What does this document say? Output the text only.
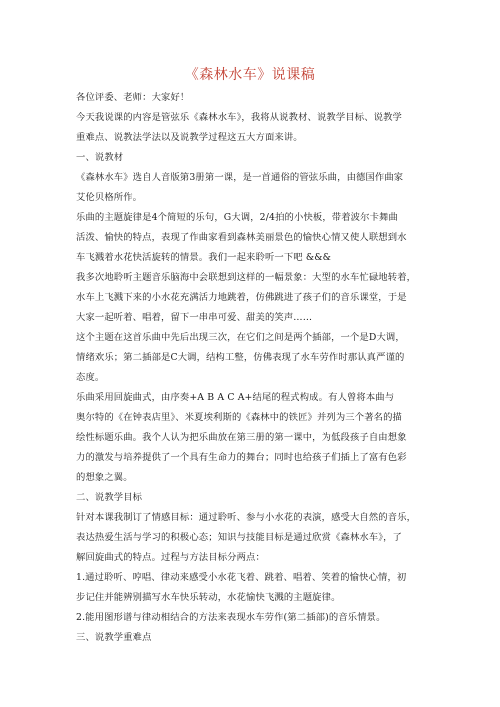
《森林水车》说课稿
各位评委、老师：大家好！
今天我说课的内容是管弦乐《森林水车》，我将从说教材、说教学目标、说教学
重难点、说教法学法以及说教学过程这五大方面来讲。
一、说教材
《森林水车》选自人音版第3册第一课，是一首通俗的管弦乐曲，由德国作曲家
艾伦贝格所作。
乐曲的主题旋律是4个简短的乐句，G大调，2/4拍的小快板，带着波尔卡舞曲
活泼、愉快的特点，表现了作曲家看到森林美丽景色的愉快心情又使人联想到水
车飞溅着水花快活旋转的情景。我们一起来聆听一下吧 &&&
我多次地聆听主题音乐脑海中会联想到这样的一幅景象：大型的水车忙碌地转着，
水车上飞溅下来的小水花充满活力地跳着，仿佛跳进了孩子们的音乐课堂，于是
大家一起听着、唱着，留下一串串可爱、甜美的笑声……
这个主题在这首乐曲中先后出现三次，在它们之间是两个插部，一个是D大调，
情绪欢乐；第二插部是C大调，结构工整，仿佛表现了水车劳作时那认真严谨的
态度。
乐曲采用回旋曲式，由序奏+A B A C A+结尾的程式构成。有人曾将本曲与
奥尔特的《在钟表店里》、米夏埃利斯的《森林中的铁匠》并列为三个著名的描
绘性标题乐曲。我个人认为把乐曲放在第三册的第一课中，为低段孩子自由想象
力的激发与培养提供了一个具有生命力的舞台；同时也给孩子们插上了富有色彩
的想象之翼。
二、说教学目标
针对本课我制订了情感目标：通过聆听、参与小水花的表演，感受大自然的音乐，
表达热爱生活与学习的积极心态；知识与技能目标是通过欣赏《森林水车》，了
解回旋曲式的特点。过程与方法目标分两点：
1.通过聆听、哼唱、律动来感受小水花飞着、跳着、唱着、笑着的愉快心情，初
步记住并能辨别描写水车快乐转动，水花愉快飞溅的主题旋律。
2.能用图形谱与律动相结合的方法来表现水车劳作(第二插部)的音乐情景。
三、说教学重难点
